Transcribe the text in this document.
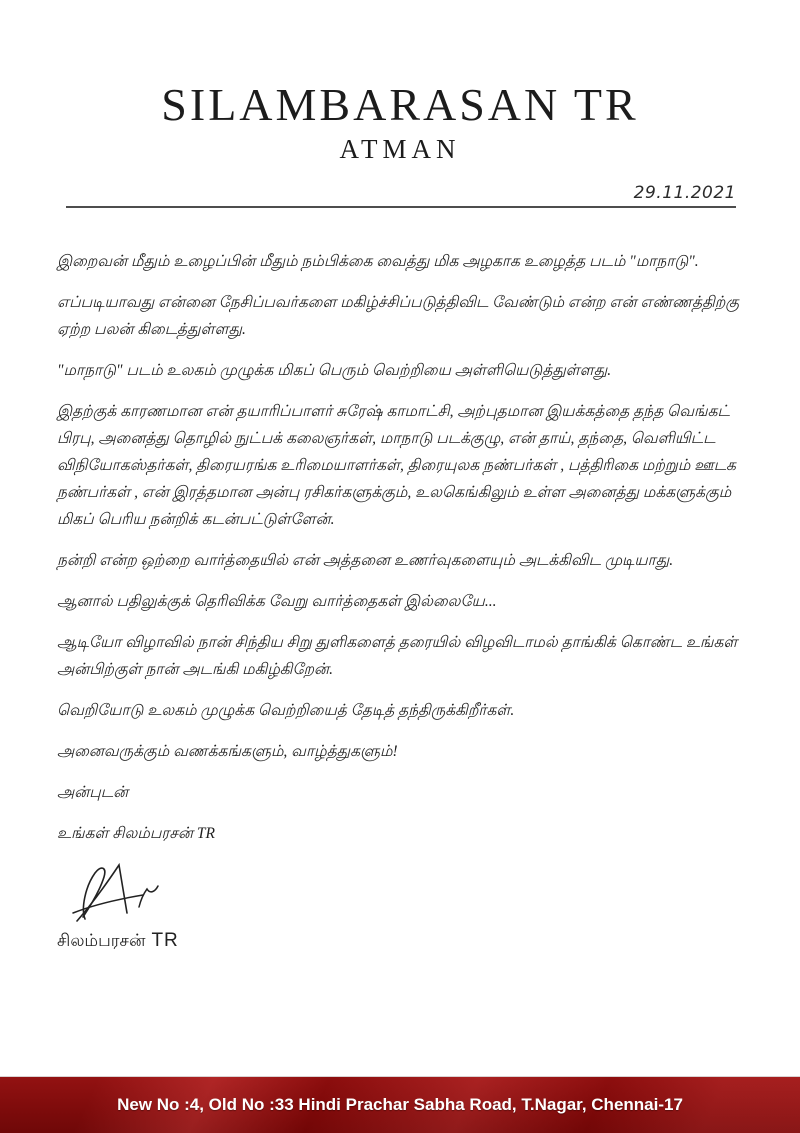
SILAMBARASAN TR
ATMAN
29.11.2021

இறைவன் மீதும் உழைப்பின் மீதும் நம்பிக்கை வைத்து மிக அழகாக உழைத்த படம் "மாநாடு".

எப்படியாவது என்னை நேசிப்பவர்களை மகிழ்ச்சிப்படுத்திவிட வேண்டும் என்ற என் எண்ணத்திற்கு ஏற்ற பலன் கிடைத்துள்ளது.

"மாநாடு" படம் உலகம் முழுக்க மிகப் பெரும் வெற்றியை அள்ளியெடுத்துள்ளது.

இதற்குக் காரணமான என் தயாரிப்பாளர் சுரேஷ் காமாட்சி, அற்புதமான இயக்கத்தை தந்த வெங்கட் பிரபு, அனைத்து தொழில் நுட்பக் கலைஞர்கள், மாநாடு படக்குழு, என் தாய், தந்தை, வெளியிட்ட விநியோகஸ்தர்கள், திரையரங்க உரிமையாளர்கள், திரையுலக நண்பர்கள் , பத்திரிகை மற்றும் ஊடக நண்பர்கள் , என் இரத்தமான அன்பு ரசிகர்களுக்கும், உலகெங்கிலும் உள்ள அனைத்து மக்களுக்கும் மிகப் பெரிய நன்றிக் கடன்பட்டுள்ளேன்.

நன்றி என்ற ஒற்றை வார்த்தையில் என் அத்தனை உணர்வுகளையும் அடக்கிவிட முடியாது.

ஆனால் பதிலுக்குக் தெரிவிக்க வேறு வார்த்தைகள் இல்லையே...

ஆடியோ விழாவில் நான் சிந்திய சிறு துளிகளைத் தரையில் விழவிடாமல் தாங்கிக் கொண்ட உங்கள் அன்பிற்குள் நான் அடங்கி மகிழ்கிறேன்.

வெறியோடு உலகம் முழுக்க வெற்றியைத் தேடித் தந்திருக்கிறீர்கள்.

அனைவருக்கும் வணக்கங்களும், வாழ்த்துகளும்!

அன்புடன்

உங்கள் சிலம்பரசன் TR

சிலம்பரசன் TR
New No :4, Old No :33 Hindi Prachar Sabha Road, T.Nagar, Chennai-17
